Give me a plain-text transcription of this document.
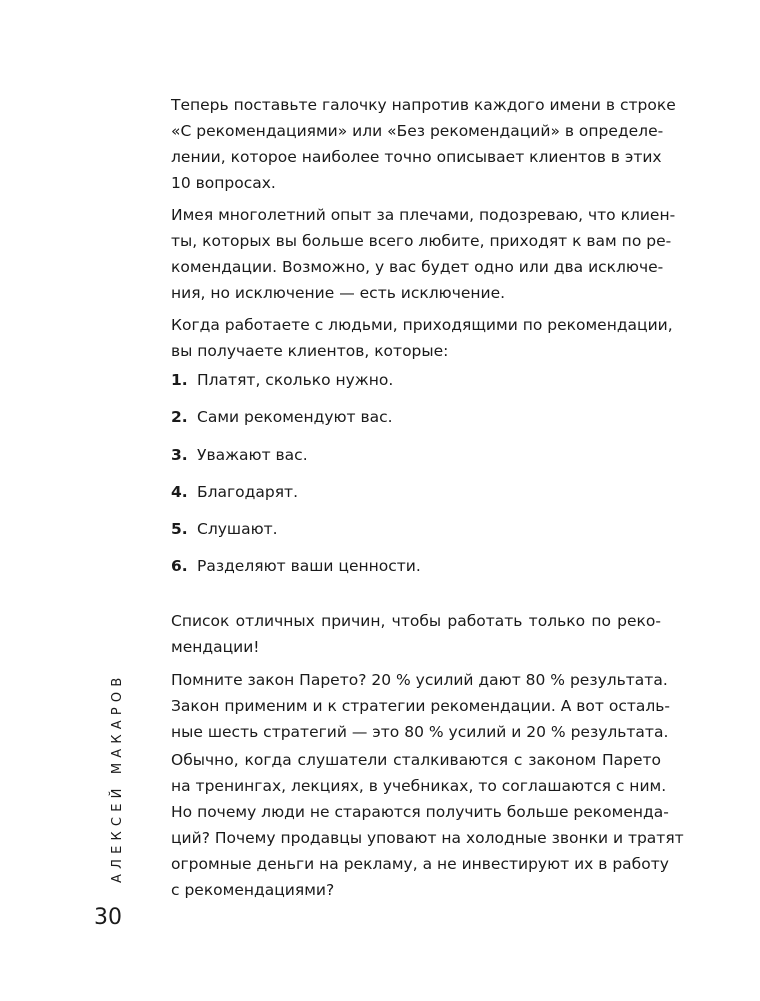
Теперь поставьте галочку напротив каждого имени в строке
«С рекомендациями» или «Без рекомендаций» в определе-
лении, которое наиболее точно описывает клиентов в этих
10 вопросах.

Имея многолетний опыт за плечами, подозреваю, что клиен-
ты, которых вы больше всего любите, приходят к вам по ре-
комендации. Возможно, у вас будет одно или два исключе-
ния, но исключение — есть исключение.

Когда работаете с людьми, приходящими по рекомендации,
вы получаете клиентов, которые:

1. Платят, сколько нужно.
2. Сами рекомендуют вас.
3. Уважают вас.
4. Благодарят.
5. Слушают.
6. Разделяют ваши ценности.

Список отличных причин, чтобы работать только по реко-
мендации!

Помните закон Парето? 20 % усилий дают 80 % результата.
Закон применим и к стратегии рекомендации. А вот осталь-
ные шесть стратегий — это 80 % усилий и 20 % результата.

Обычно, когда слушатели сталкиваются с законом Парето
на тренингах, лекциях, в учебниках, то соглашаются с ним.
Но почему люди не стараются получить больше рекоменда-
ций? Почему продавцы уповают на холодные звонки и тратят
огромные деньги на рекламу, а не инвестируют их в работу
с рекомендациями?

АЛЕКСЕЙ МАКАРОВ
30
